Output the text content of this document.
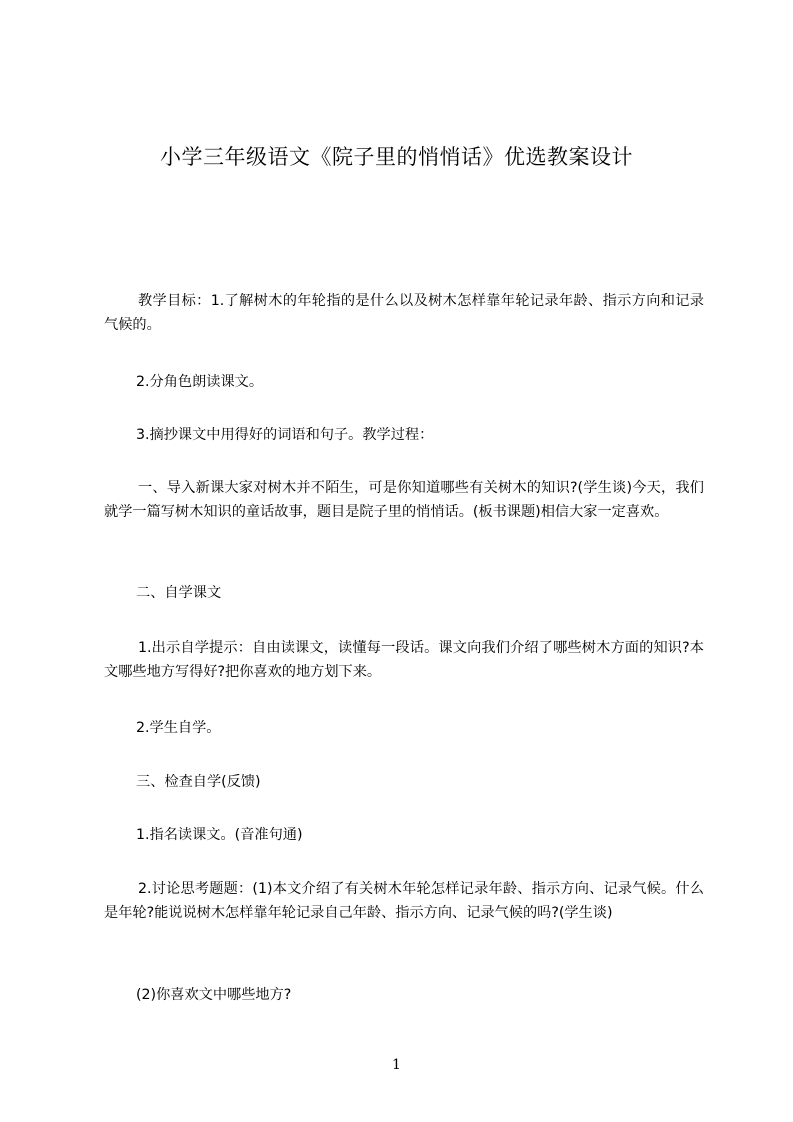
小学三年级语文《院子里的悄悄话》优选教案设计

教学目标：1.了解树木的年轮指的是什么以及树木怎样靠年轮记录年龄、指示方向和记录气候的。

2.分角色朗读课文。

3.摘抄课文中用得好的词语和句子。教学过程：

一、导入新课大家对树木并不陌生，可是你知道哪些有关树木的知识?(学生谈)今天，我们就学一篇写树木知识的童话故事，题目是院子里的悄悄话。(板书课题)相信大家一定喜欢。

二、自学课文

1.出示自学提示：自由读课文，读懂每一段话。课文向我们介绍了哪些树木方面的知识?本文哪些地方写得好?把你喜欢的地方划下来。

2.学生自学。

三、检查自学(反馈)

1.指名读课文。(音准句通)

2.讨论思考题题：(1)本文介绍了有关树木年轮怎样记录年龄、指示方向、记录气候。什么是年轮?能说说树木怎样靠年轮记录自己年龄、指示方向、记录气候的吗?(学生谈)

(2)你喜欢文中哪些地方?

1
